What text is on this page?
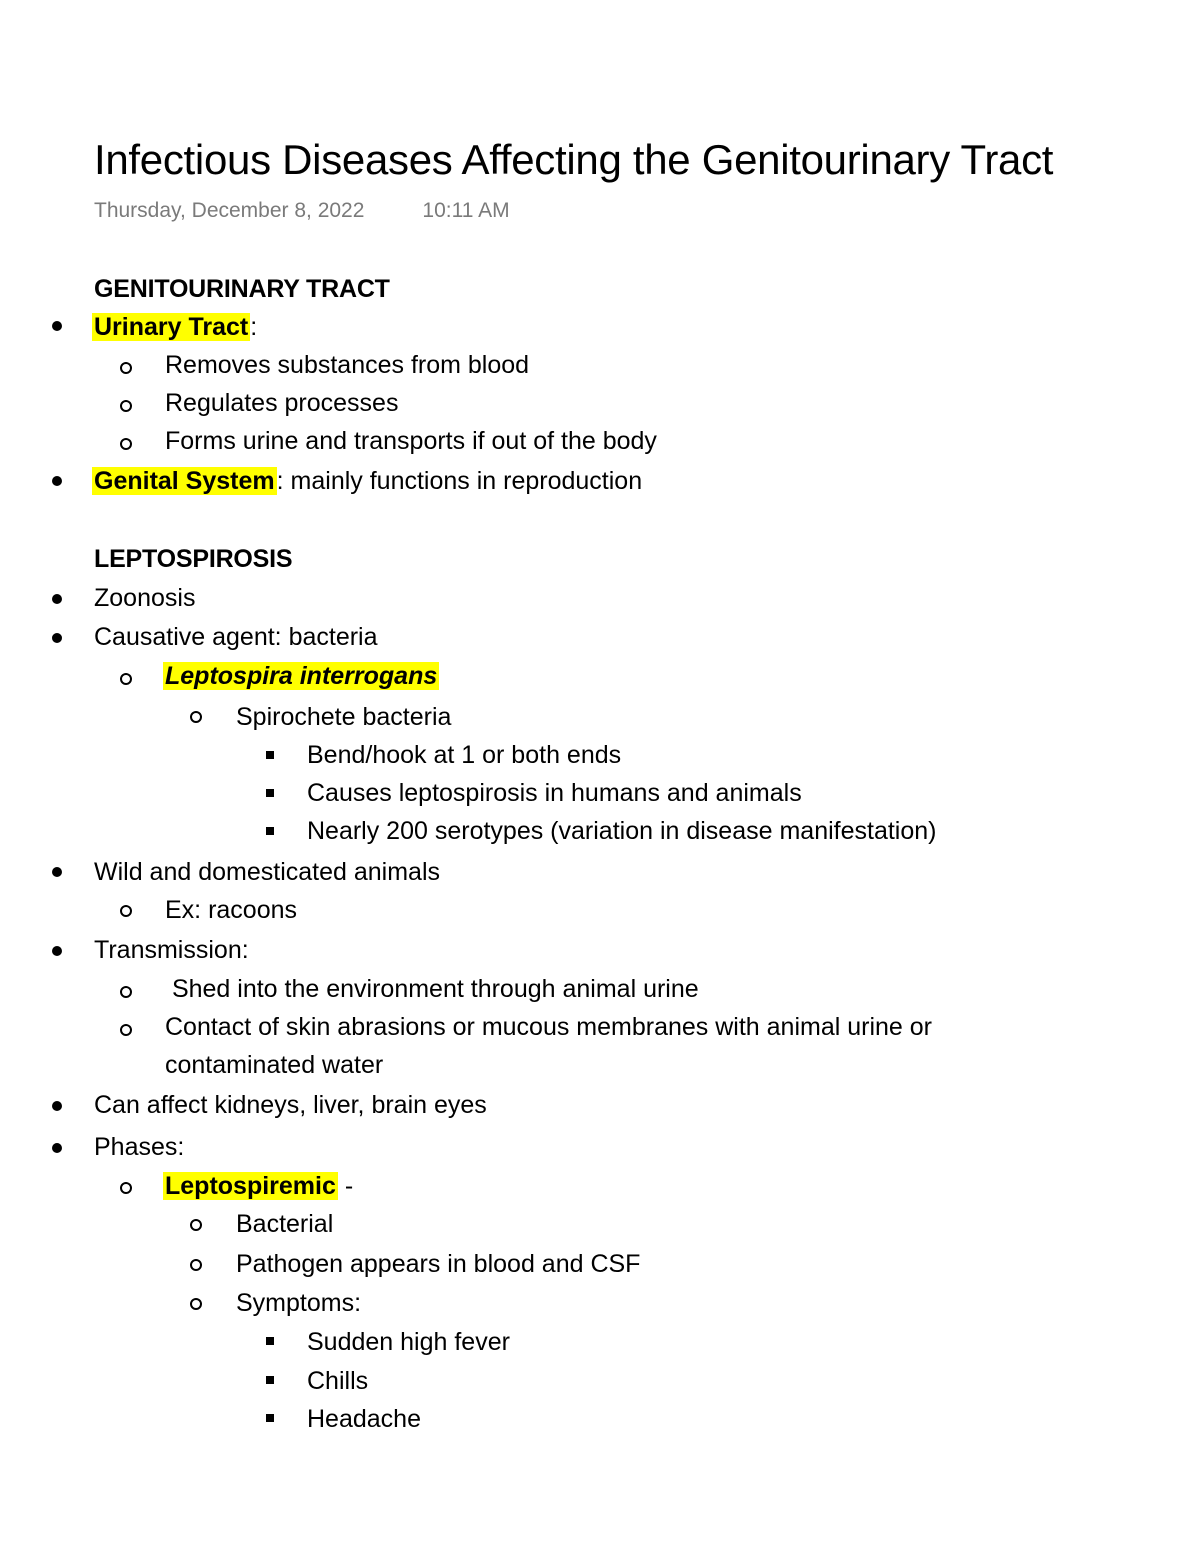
Infectious Diseases Affecting the Genitourinary Tract
Thursday, December 8, 2022	10:11 AM
GENITOURINARY TRACT
Urinary Tract:
Removes substances from blood
Regulates processes
Forms urine and transports if out of the body
Genital System: mainly functions in reproduction
LEPTOSPIROSIS
Zoonosis
Causative agent: bacteria
Leptospira interrogans
Spirochete bacteria
Bend/hook at 1 or both ends
Causes leptospirosis in humans and animals
Nearly 200 serotypes (variation in disease manifestation)
Wild and domesticated animals
Ex: racoons
Transmission:
Shed into the environment through animal urine
Contact of skin abrasions or mucous membranes with animal urine or
contaminated water
Can affect kidneys, liver, brain eyes
Phases:
Leptospiremic -
Bacterial
Pathogen appears in blood and CSF
Symptoms:
Sudden high fever
Chills
Headache
